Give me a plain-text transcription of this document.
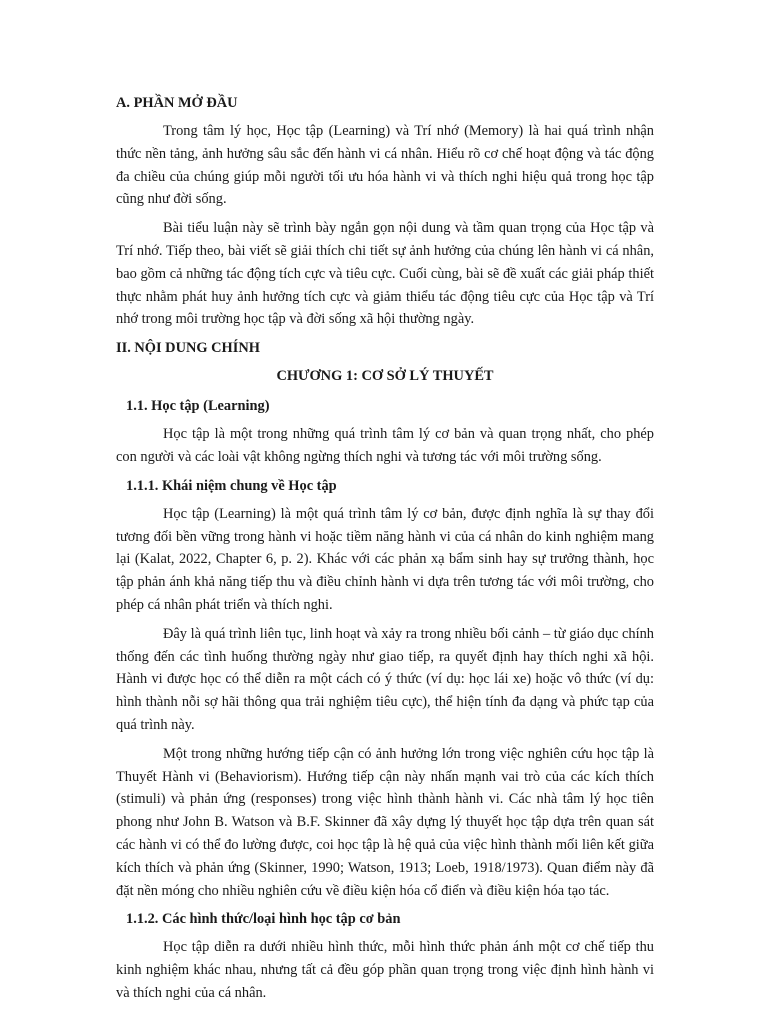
A. PHẦN MỞ ĐẦU

Trong tâm lý học, Học tập (Learning) và Trí nhớ (Memory) là hai quá trình nhận thức nền tảng, ảnh hưởng sâu sắc đến hành vi cá nhân. Hiểu rõ cơ chế hoạt động và tác động đa chiều của chúng giúp mỗi người tối ưu hóa hành vi và thích nghi hiệu quả trong học tập cũng như đời sống.

Bài tiểu luận này sẽ trình bày ngắn gọn nội dung và tầm quan trọng của Học tập và Trí nhớ. Tiếp theo, bài viết sẽ giải thích chi tiết sự ảnh hưởng của chúng lên hành vi cá nhân, bao gồm cả những tác động tích cực và tiêu cực. Cuối cùng, bài sẽ đề xuất các giải pháp thiết thực nhằm phát huy ảnh hưởng tích cực và giảm thiểu tác động tiêu cực của Học tập và Trí nhớ trong môi trường học tập và đời sống xã hội thường ngày.

II. NỘI DUNG CHÍNH

CHƯƠNG 1: CƠ SỞ LÝ THUYẾT

1.1. Học tập (Learning)

Học tập là một trong những quá trình tâm lý cơ bản và quan trọng nhất, cho phép con người và các loài vật không ngừng thích nghi và tương tác với môi trường sống.

1.1.1. Khái niệm chung về Học tập

Học tập (Learning) là một quá trình tâm lý cơ bản, được định nghĩa là sự thay đổi tương đối bền vững trong hành vi hoặc tiềm năng hành vi của cá nhân do kinh nghiệm mang lại (Kalat, 2022, Chapter 6, p. 2). Khác với các phản xạ bẩm sinh hay sự trưởng thành, học tập phản ánh khả năng tiếp thu và điều chỉnh hành vi dựa trên tương tác với môi trường, cho phép cá nhân phát triển và thích nghi.

Đây là quá trình liên tục, linh hoạt và xảy ra trong nhiều bối cảnh – từ giáo dục chính thống đến các tình huống thường ngày như giao tiếp, ra quyết định hay thích nghi xã hội. Hành vi được học có thể diễn ra một cách có ý thức (ví dụ: học lái xe) hoặc vô thức (ví dụ: hình thành nỗi sợ hãi thông qua trải nghiệm tiêu cực), thể hiện tính đa dạng và phức tạp của quá trình này.

Một trong những hướng tiếp cận có ảnh hưởng lớn trong việc nghiên cứu học tập là Thuyết Hành vi (Behaviorism). Hướng tiếp cận này nhấn mạnh vai trò của các kích thích (stimuli) và phản ứng (responses) trong việc hình thành hành vi. Các nhà tâm lý học tiên phong như John B. Watson và B.F. Skinner đã xây dựng lý thuyết học tập dựa trên quan sát các hành vi có thể đo lường được, coi học tập là hệ quả của việc hình thành mối liên kết giữa kích thích và phản ứng (Skinner, 1990; Watson, 1913; Loeb, 1918/1973). Quan điểm này đã đặt nền móng cho nhiều nghiên cứu về điều kiện hóa cổ điển và điều kiện hóa tạo tác.

1.1.2. Các hình thức/loại hình học tập cơ bản

Học tập diễn ra dưới nhiều hình thức, mỗi hình thức phản ánh một cơ chế tiếp thu kinh nghiệm khác nhau, nhưng tất cả đều góp phần quan trọng trong việc định hình hành vi và thích nghi của cá nhân.
